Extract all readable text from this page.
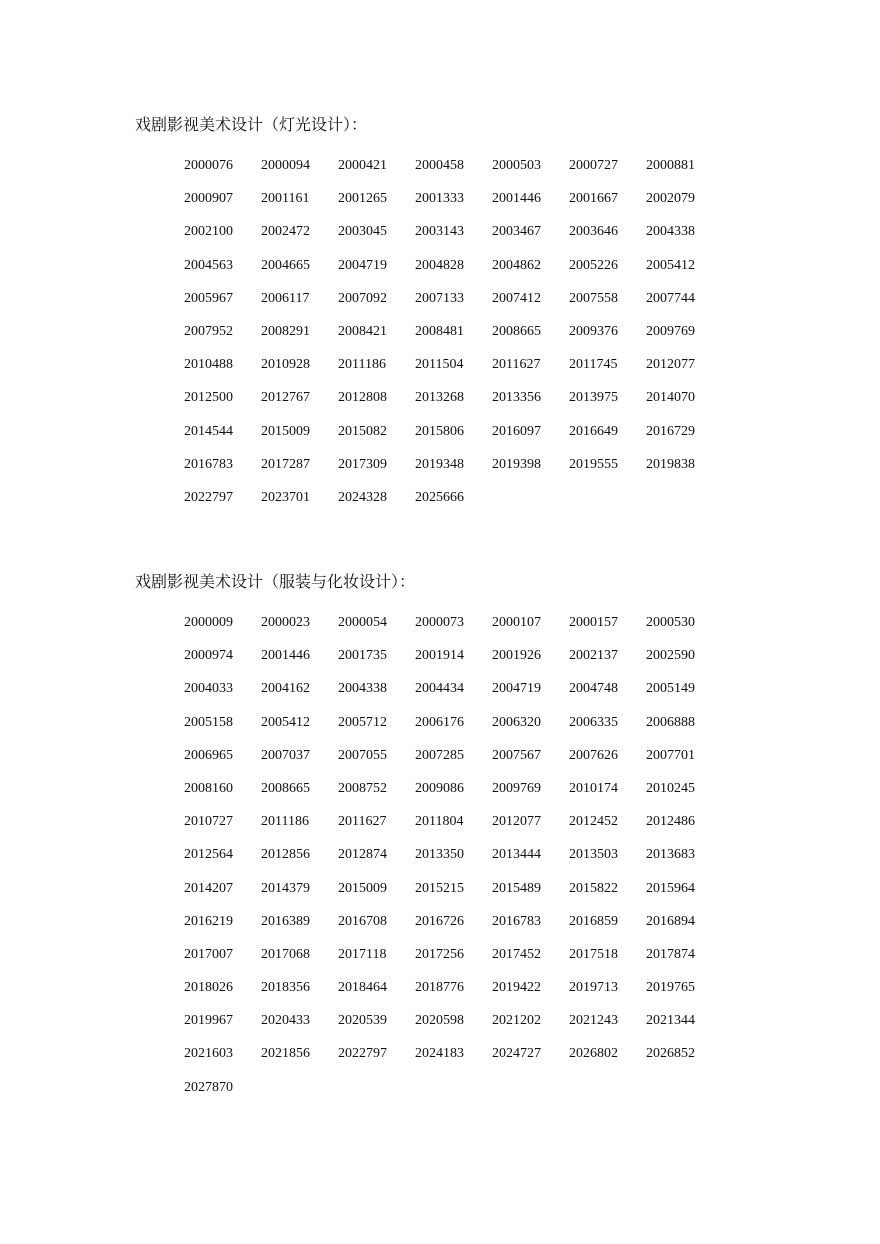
戏剧影视美术设计（灯光设计）：
2000076	2000094	2000421	2000458	2000503	2000727	2000881
2000907	2001161	2001265	2001333	2001446	2001667	2002079
2002100	2002472	2003045	2003143	2003467	2003646	2004338
2004563	2004665	2004719	2004828	2004862	2005226	2005412
2005967	2006117	2007092	2007133	2007412	2007558	2007744
2007952	2008291	2008421	2008481	2008665	2009376	2009769
2010488	2010928	2011186	2011504	2011627	2011745	2012077
2012500	2012767	2012808	2013268	2013356	2013975	2014070
2014544	2015009	2015082	2015806	2016097	2016649	2016729
2016783	2017287	2017309	2019348	2019398	2019555	2019838
2022797	2023701	2024328	2025666
戏剧影视美术设计（服装与化妆设计）：
2000009	2000023	2000054	2000073	2000107	2000157	2000530
2000974	2001446	2001735	2001914	2001926	2002137	2002590
2004033	2004162	2004338	2004434	2004719	2004748	2005149
2005158	2005412	2005712	2006176	2006320	2006335	2006888
2006965	2007037	2007055	2007285	2007567	2007626	2007701
2008160	2008665	2008752	2009086	2009769	2010174	2010245
2010727	2011186	2011627	2011804	2012077	2012452	2012486
2012564	2012856	2012874	2013350	2013444	2013503	2013683
2014207	2014379	2015009	2015215	2015489	2015822	2015964
2016219	2016389	2016708	2016726	2016783	2016859	2016894
2017007	2017068	2017118	2017256	2017452	2017518	2017874
2018026	2018356	2018464	2018776	2019422	2019713	2019765
2019967	2020433	2020539	2020598	2021202	2021243	2021344
2021603	2021856	2022797	2024183	2024727	2026802	2026852
2027870
